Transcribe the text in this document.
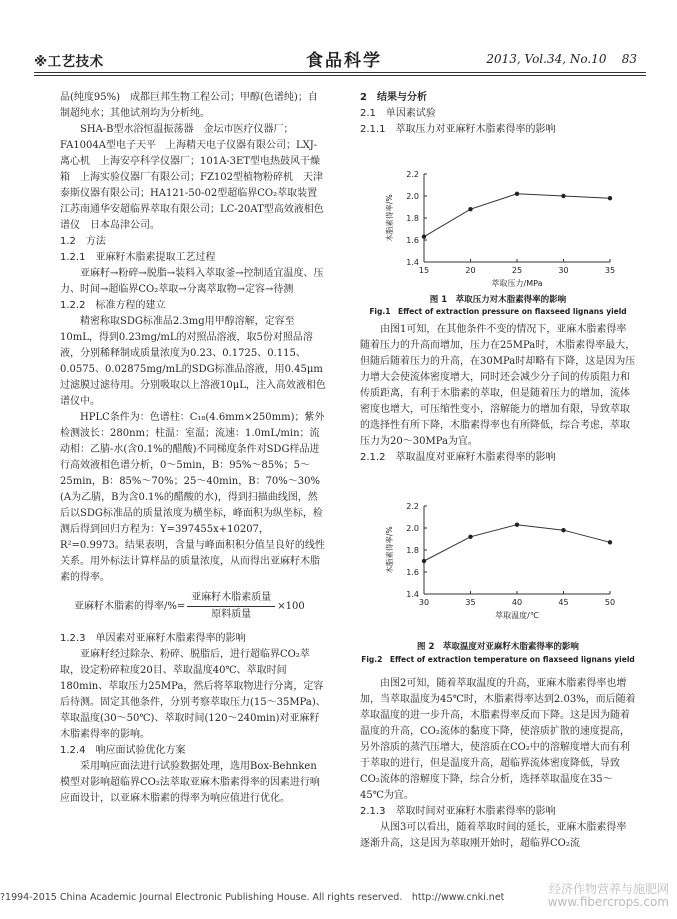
※工艺技术	食品科学	2013, Vol.34, No.10 83

品(纯度95%)　成都巨邦生物工程公司；甲醇(色谱纯)；自制超纯水；其他试剂均为分析纯。

SHA-B型水浴恒温振荡器　金坛市医疗仪器厂；FA1004A型电子天平　上海精天电子仪器有限公司；LXJ-离心机　上海安亭科学仪器厂；101A-3ET型电热鼓风干燥箱　上海实验仪器厂有限公司；FZ102型植物粉碎机　天津泰斯仪器有限公司；HA121-50-02型超临界CO₂萃取装置　江苏南通华安超临界萃取有限公司；LC-20AT型高效液相色谱仪　日本岛津公司。

1.2　方法

1.2.1　亚麻籽木脂素提取工艺过程

亚麻籽→粉碎→脱脂→装料入萃取釜→控制适宜温度、压力、时间→超临界CO₂萃取→分离萃取物→定容→待测

1.2.2　标准方程的建立

精密称取SDG标准品2.3mg用甲醇溶解，定容至10mL，得到0.23mg/mL的对照品溶液，取5份对照品溶液，分别稀释制成质量浓度为0.23、0.1725、0.115、0.0575、0.02875mg/mL的SDG标准品溶液，用0.45μm过滤膜过滤待用。分别吸取以上溶液10μL，注入高效液相色谱仪中。

HPLC条件为：色谱柱：C₁₈(4.6mm×250mm)；紫外检测波长：280nm；柱温：室温；流速：1.0mL/min；流动相：乙腈-水(含0.1%的醋酸)不同梯度条件对SDG样品进行高效液相色谱分析，0～5min，B：95%～85%；5～25min，B：85%～70%；25～40min，B：70%～30%(A为乙腈，B为含0.1%的醋酸的水)，得到扫描曲线图，然后以SDG标准品的质量浓度为横坐标，峰面积为纵坐标，检测后得到回归方程为：Y=397455x+10207，R²=0.9973。结果表明，含量与峰面积积分值呈良好的线性关系。用外标法计算样品的质量浓度，从而得出亚麻籽木脂素的得率。

亚麻籽木脂素的得率/%= $\frac{\text{亚麻籽木脂素质量}}{\text{原料质量}} \times 100$

1.2.3　单因素对亚麻籽木脂素得率的影响

亚麻籽经过除杂、粉碎、脱脂后，进行超临界CO₂萃取，设定粉碎粒度20目、萃取温度40℃、萃取时间180min、萃取压力25MPa，然后将萃取物进行分离，定容后待测。固定其他条件，分别考察萃取压力(15～35MPa)、萃取温度(30～50℃)、萃取时间(120～240min)对亚麻籽木脂素得率的影响。

1.2.4　响应面试验优化方案

采用响应面法进行试验数据处理，选用Box-Behnken模型对影响超临界CO₂法萃取亚麻木脂素得率的因素进行响应面设计，以亚麻木脂素的得率为响应值进行优化。

2　结果与分析

2.1　单因素试验

2.1.1　萃取压力对亚麻籽木脂素得率的影响

1.4
1.6
1.8
2.0
2.2
15	20	25	30	35
萃取压力/MPa
木脂素得率/%
图 1　萃取压力对木脂素得率的影响
Fig.1　Effect of extraction pressure on flaxseed lignans yield

由图1可知，在其他条件不变的情况下，亚麻木脂素得率随着压力的升高而增加，压力在25MPa时，木脂素得率最大，但随后随着压力的升高，在30MPa时却略有下降，这是因为压力增大会使流体密度增大，同时还会减少分子间的传质阻力和传质距离，有利于木脂素的萃取，但是随着压力的增加，流体密度也增大，可压缩性变小，溶解能力的增加有限，导致萃取的选择性有所下降，木脂素得率也有所降低，综合考虑，萃取压力为20～30MPa为宜。

2.1.2　萃取温度对亚麻籽木脂素得率的影响

1.4
1.6
1.8
2.0
2.2
30	35	40	45	50
萃取温度/℃
木脂素得率/%
图 2　萃取温度对亚麻籽木脂素得率的影响
Fig.2　Effect of extraction temperature on flaxseed lignans yield

由图2可知，随着萃取温度的升高，亚麻木脂素得率也增加，当萃取温度为45℃时，木脂素得率达到2.03%，而后随着萃取温度的进一步升高，木脂素得率反而下降。这是因为随着温度的升高，CO₂流体的黏度下降，使溶质扩散的速度提高，另外溶质的蒸汽压增大，使溶质在CO₂中的溶解度增大而有利于萃取的进行，但是温度升高，超临界流体密度降低，导致CO₂流体的溶解度下降，综合分析，选择萃取温度在35～45℃为宜。

2.1.3　萃取时间对亚麻籽木脂素得率的影响

从图3可以看出，随着萃取时间的延长，亚麻木脂素得率逐渐升高，这是因为萃取刚开始时，超临界CO₂流

?1994-2015 China Academic Journal Electronic Publishing House. All rights reserved.　http://www.cnki.net
经济作物营养与施肥网
www.fibercrops.com
